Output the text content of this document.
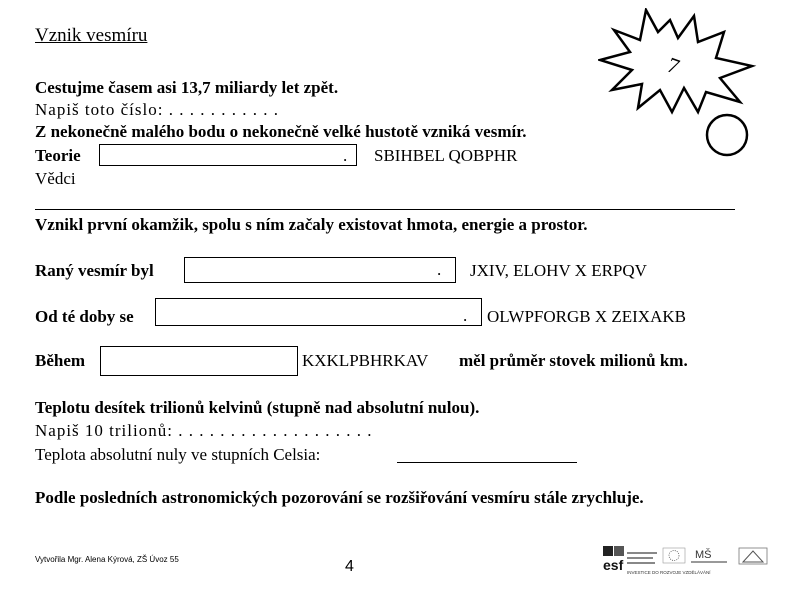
Vznik vesmíru
7
Cestujme časem asi 13,7 miliardy let zpět.
Napiš toto číslo: . . . . . . . . . . .
Z nekonečně malého bodu o nekonečně velké hustotě vzniká vesmír.
Teorie	. SBIHBEL QOBPHR
Vědci
Vznikl první okamžik, spolu s ním začaly existovat hmota, energie a prostor.
Raný vesmír byl	. JXIV, ELOHV X ERPQV
Od té doby se	. OLWPFORGB X ZEIXAKB
Během	KXKLPBHRKAV měl průměr stovek milionů km.
Teplotu desítek trilionů kelvinů (stupně nad absolutní nulou).
Napiš 10 trilionů: . . . . . . . . . . . . . . . . . . .
Teplota absolutní nuly ve stupních Celsia:
Podle posledních astronomických pozorování se rozšiřování vesmíru stále zrychluje.
Vytvořila Mgr. Alena Kýrová, ZŠ Úvoz 55	4	esf
MŠ
INVESTICE DO ROZVOJE VZDĚLÁVÁNÍ
